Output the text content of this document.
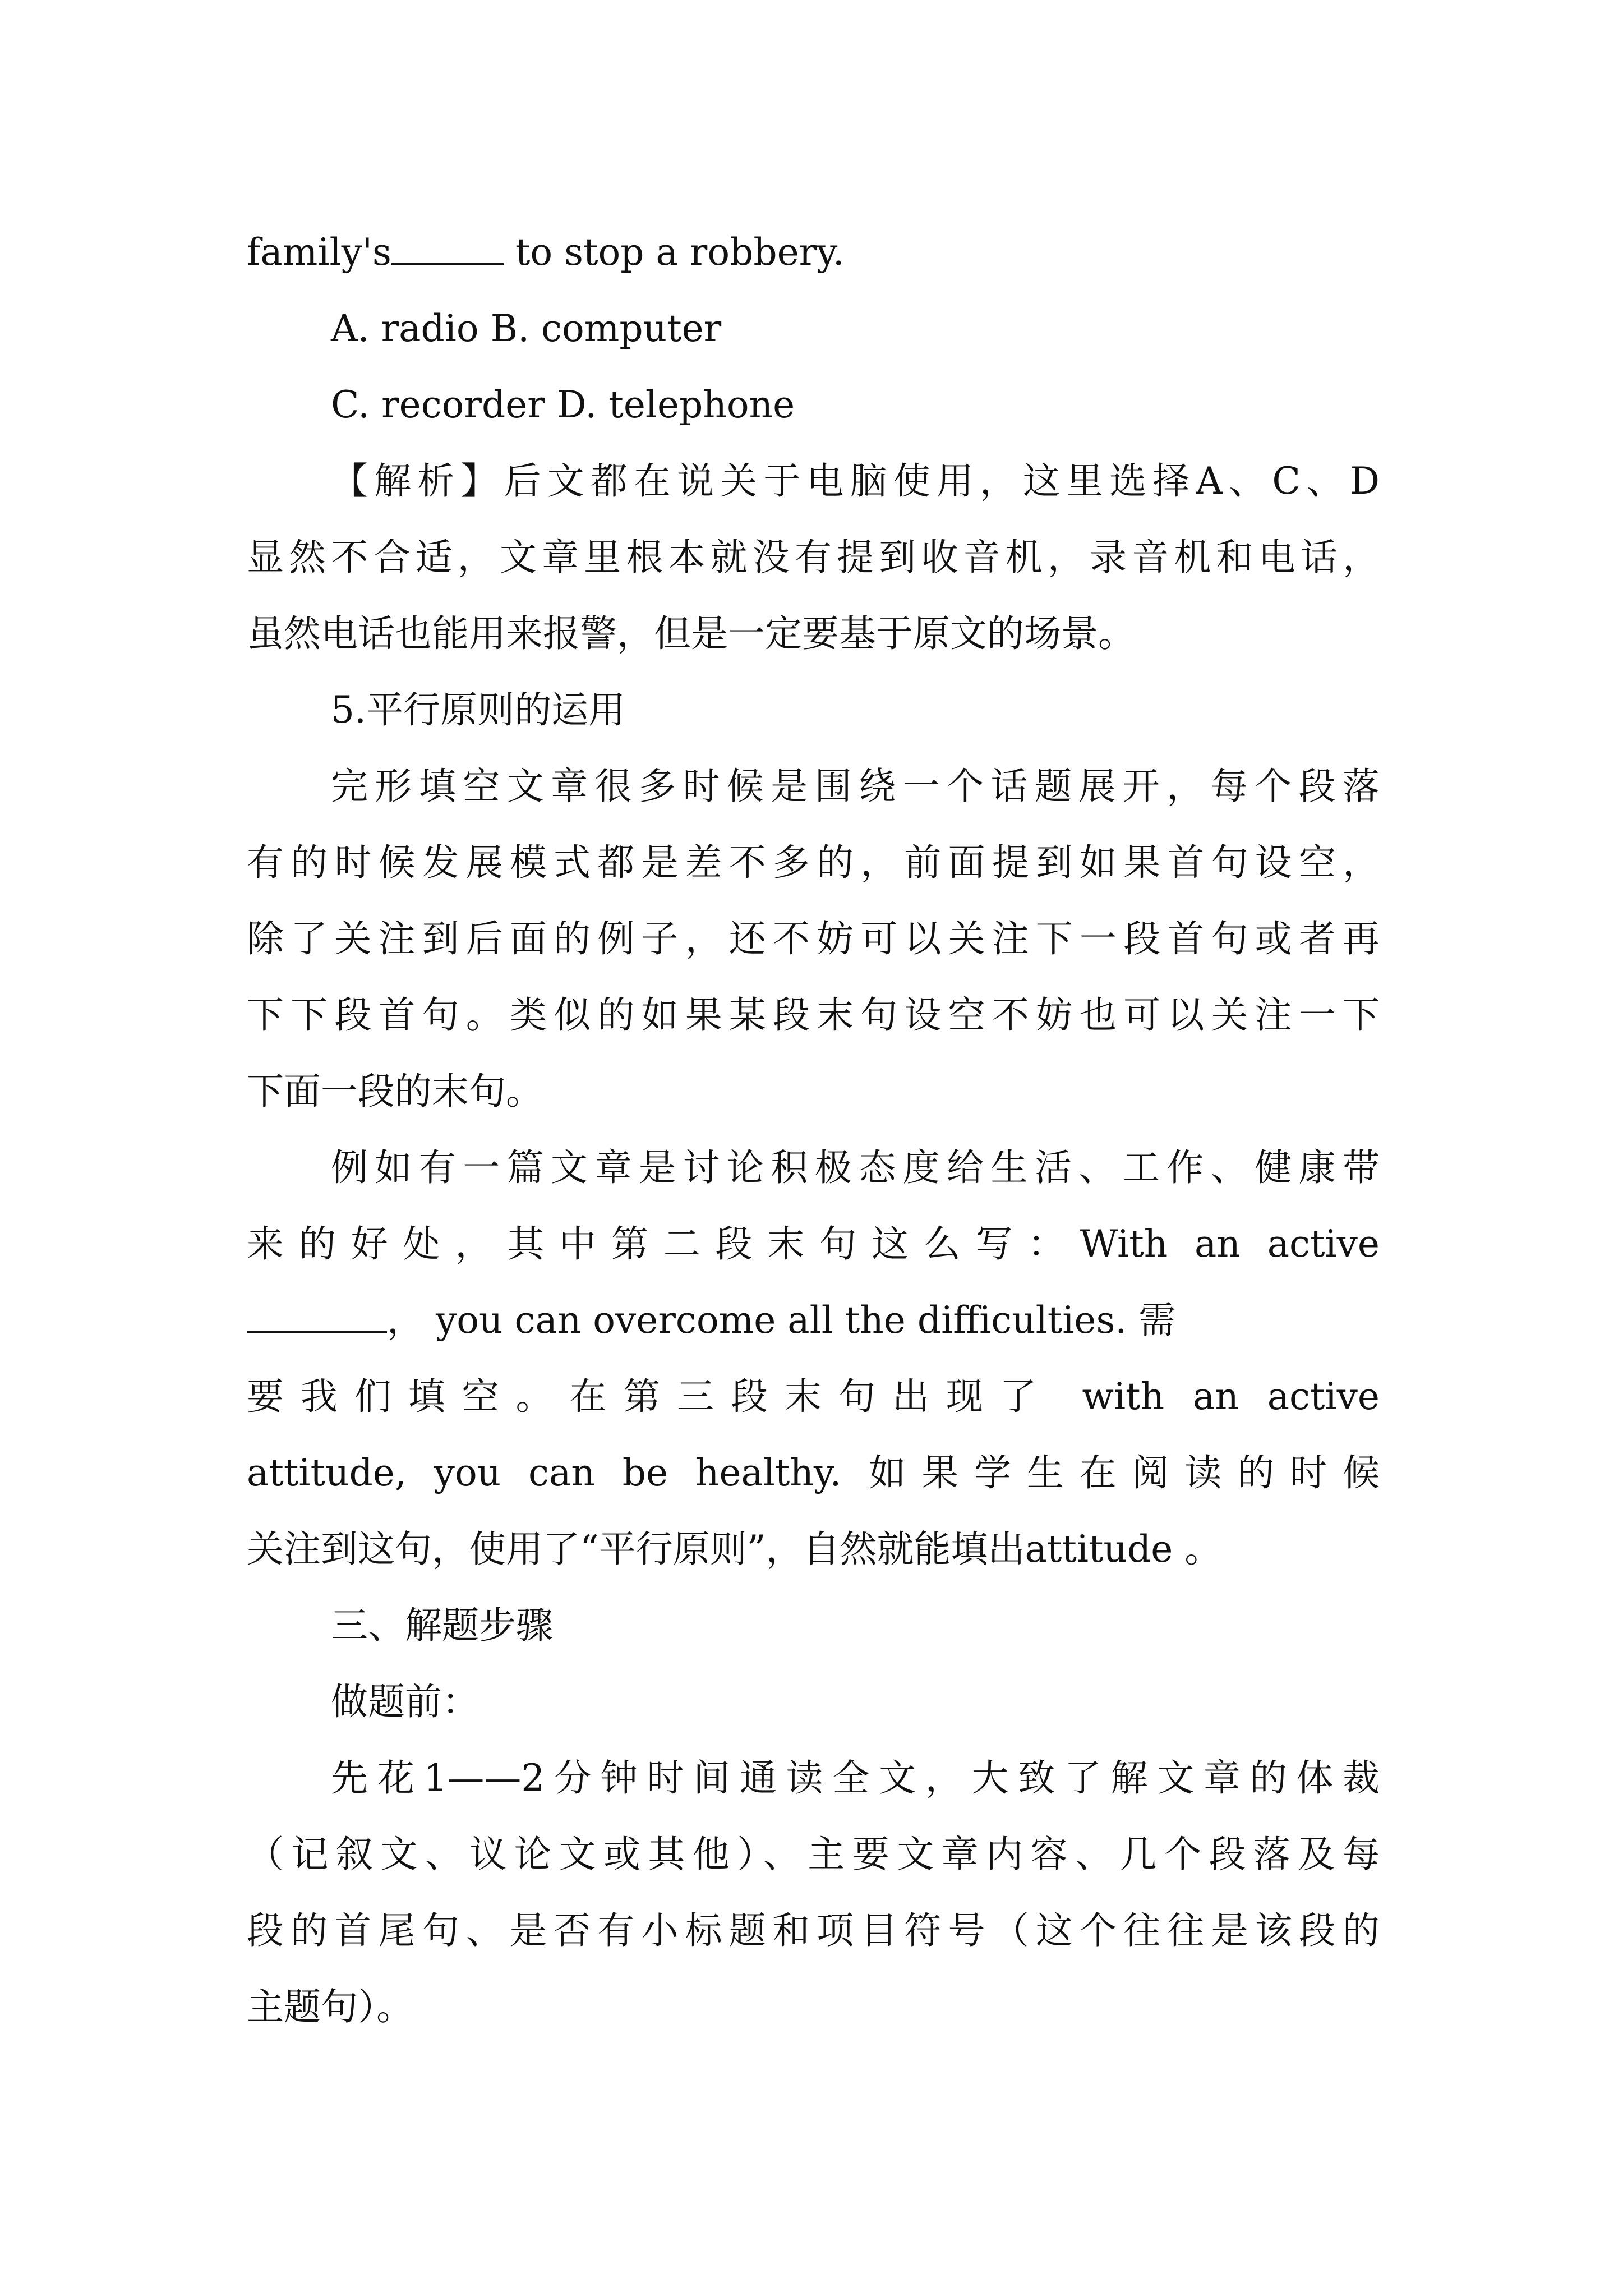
family's	to stop a robbery.
A. radio B. computer
C. recorder D. telephone
【解析】后文都在说关于电脑使用，这里选择A、C、D
显然不合适，文章里根本就没有提到收音机，录音机和电话，
虽然电话也能用来报警，但是一定要基于原文的场景。
5.平行原则的运用
完形填空文章很多时候是围绕一个话题展开，每个段落
有的时候发展模式都是差不多的，前面提到如果首句设空，
除了关注到后面的例子，还不妨可以关注下一段首句或者再
下下段首句。类似的如果某段末句设空不妨也可以关注一下
下面一段的末句。
例如有一篇文章是讨论积极态度给生活、工作、健康带
来的好处，其中第二段末句这么写：With an active
， you can overcome all the difficulties. 需
要我们填空。在第三段末句出现了 with an active
attitude, you can be healthy. 如果学生在阅读的时候
关注到这句，使用了“平行原则”，自然就能填出attitude 。
三、解题步骤
做题前：
先花1——2分钟时间通读全文，大致了解文章的体裁
（记叙文、议论文或其他）、主要文章内容、几个段落及每
段的首尾句、是否有小标题和项目符号（这个往往是该段的
主题句）。
